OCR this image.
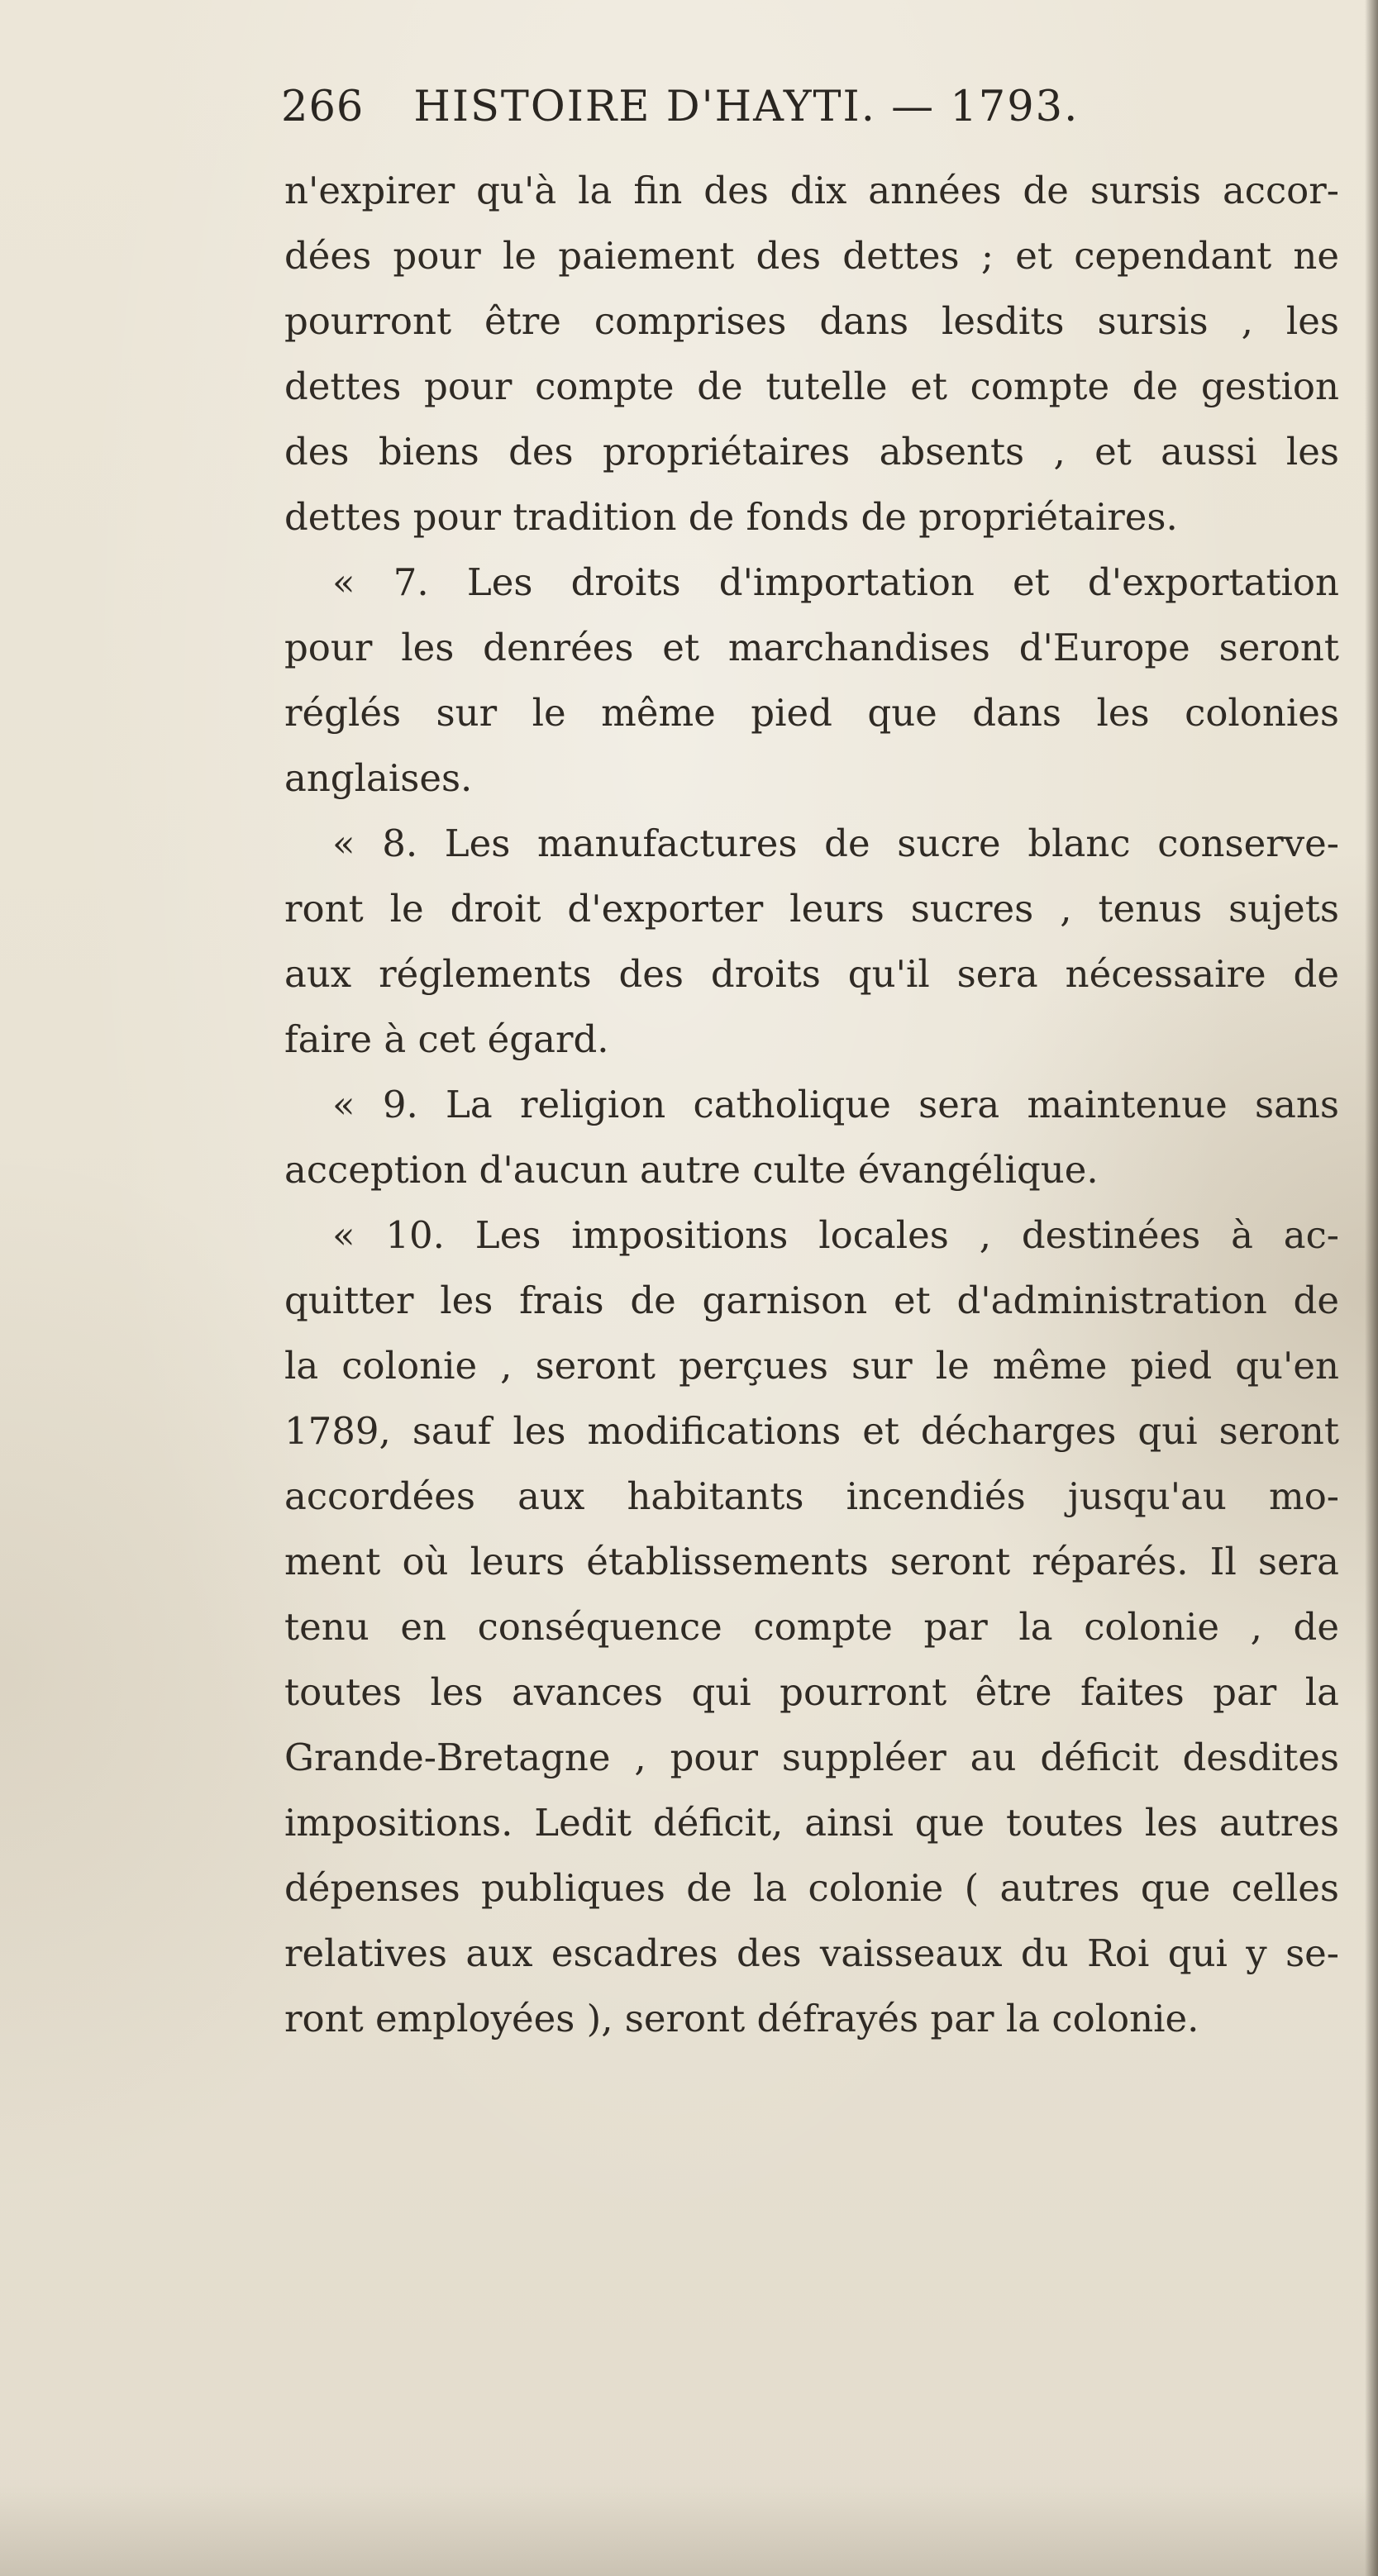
266 HISTOIRE D'HAYTI. — 1793.
n'expirer qu'à la fin des dix années de sursis accor-
dées pour le paiement des dettes ; et cependant ne
pourront être comprises dans lesdits sursis , les
dettes pour compte de tutelle et compte de gestion
des biens des propriétaires absents , et aussi les
dettes pour tradition de fonds de propriétaires.
« 7. Les droits d'importation et d'exportation
pour les denrées et marchandises d'Europe seront
réglés sur le même pied que dans les colonies
anglaises.
« 8. Les manufactures de sucre blanc conserve-
ront le droit d'exporter leurs sucres , tenus sujets
aux réglements des droits qu'il sera nécessaire de
faire à cet égard.
« 9. La religion catholique sera maintenue sans
acception d'aucun autre culte évangélique.
« 10. Les impositions locales , destinées à ac-
quitter les frais de garnison et d'administration de
la colonie , seront perçues sur le même pied qu'en
1789, sauf les modifications et décharges qui seront
accordées aux habitants incendiés jusqu'au mo-
ment où leurs établissements seront réparés. Il sera
tenu en conséquence compte par la colonie , de
toutes les avances qui pourront être faites par la
Grande-Bretagne , pour suppléer au déficit desdites
impositions. Ledit déficit, ainsi que toutes les autres
dépenses publiques de la colonie ( autres que celles
relatives aux escadres des vaisseaux du Roi qui y se-
ront employées ), seront défrayés par la colonie.
